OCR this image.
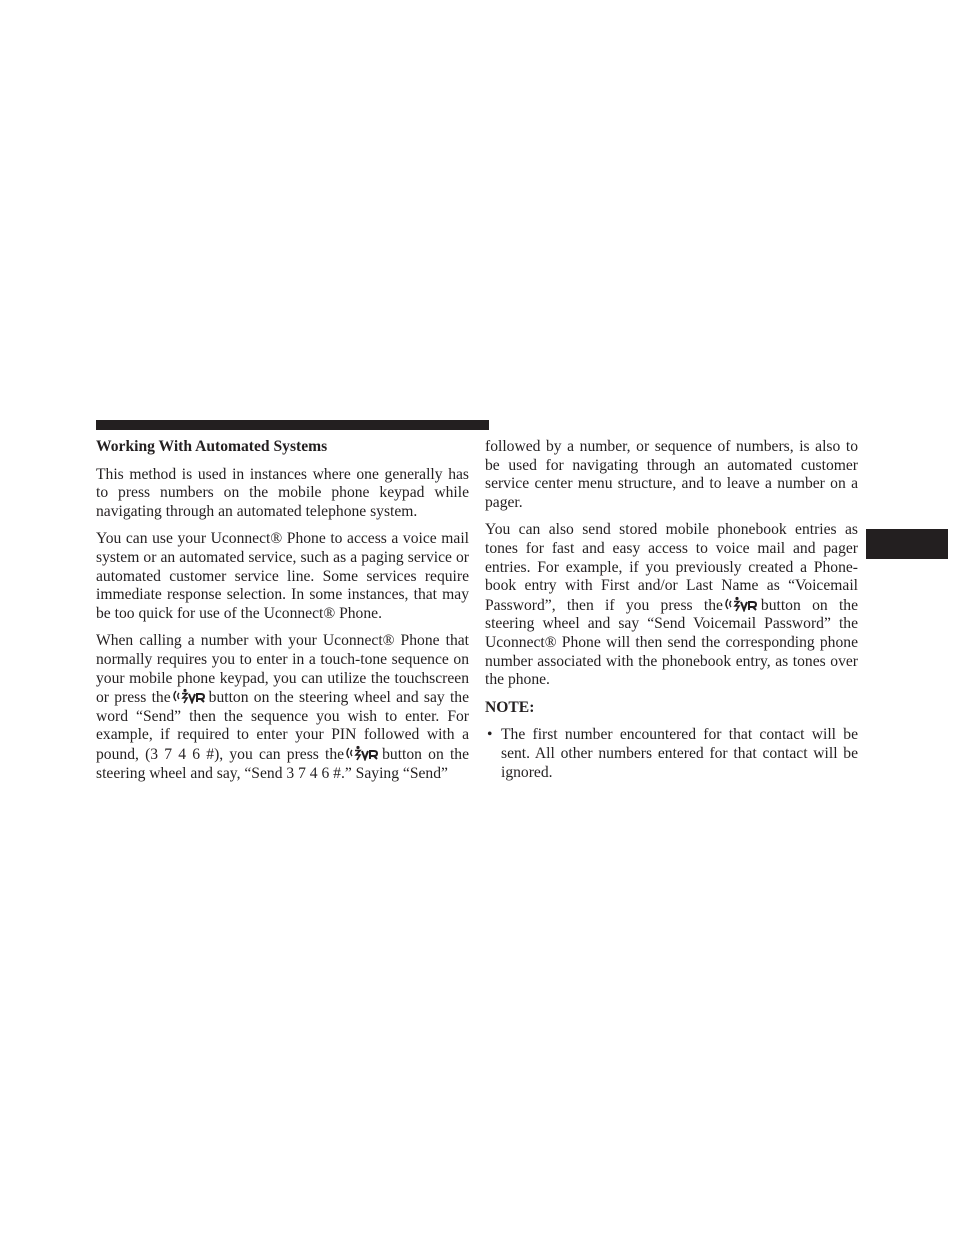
Working With Automated Systems

This method is used in instances where one generally has to press numbers on the mobile phone keypad while navigating through an automated telephone system.

You can use your Uconnect® Phone to access a voice mail system or an automated service, such as a paging service or automated customer service line. Some services require immediate response selection. In some instances, that may be too quick for use of the Uconnect® Phone.

When calling a number with your Uconnect® Phone that normally requires you to enter in a touch-tone sequence on your mobile phone keypad, you can utilize the touchscreen or press the button on the steering wheel and say the word “Send” then the sequence you wish to enter. For example, if required to enter your PIN followed with a pound, (3 7 4 6 #), you can press the button on the steering wheel and say, “Send 3 7 4 6 #.” Saying “Send”

followed by a number, or sequence of numbers, is also to be used for navigating through an automated customer service center menu structure, and to leave a number on a pager.

You can also send stored mobile phonebook entries as tones for fast and easy access to voice mail and pager entries. For example, if you previously created a Phonebook entry with First and/or Last Name as “Voicemail Password”, then if you press the button on the steering wheel and say “Send Voicemail Password” the Uconnect® Phone will then send the corresponding phone number associated with the phonebook entry, as tones over the phone.

NOTE:

• The first number encountered for that contact will be sent. All other numbers entered for that contact will be ignored.
